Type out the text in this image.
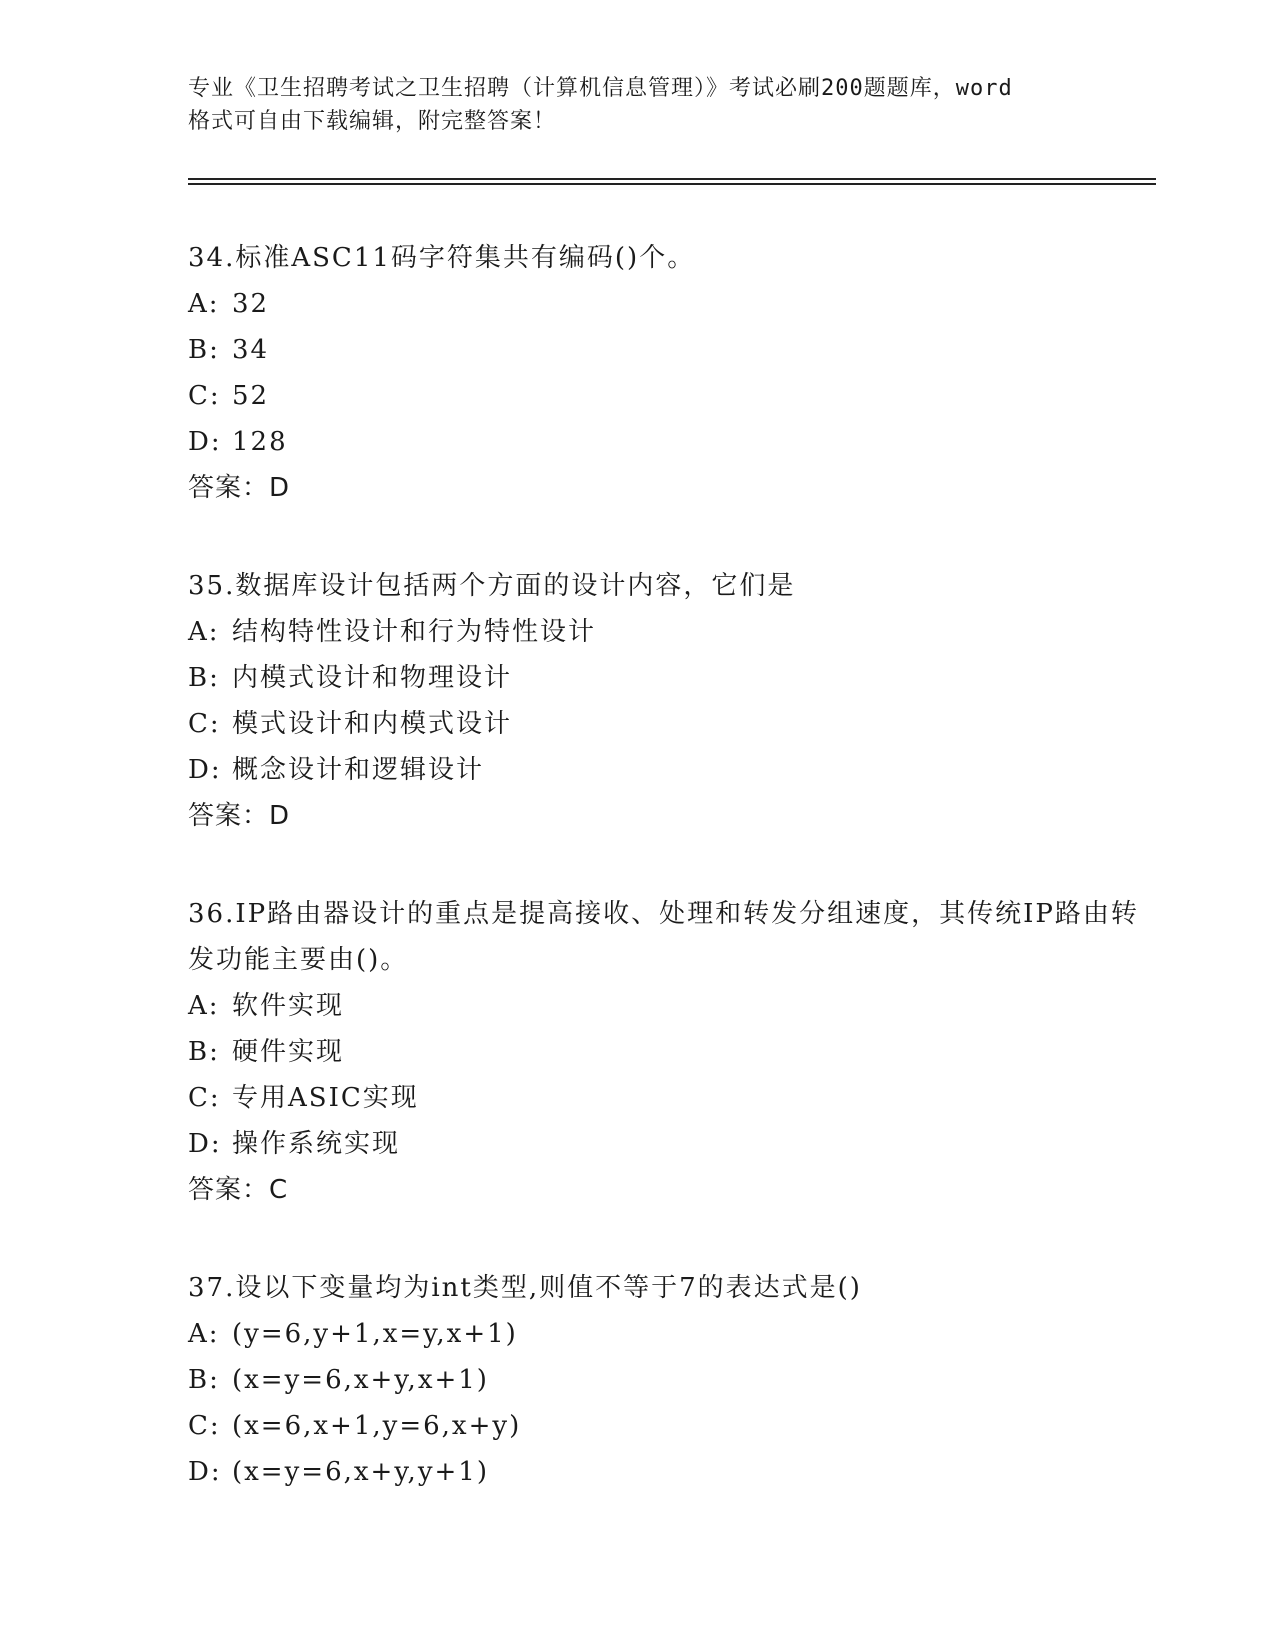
专业《卫生招聘考试之卫生招聘（计算机信息管理）》考试必刷200题题库，word
格式可自由下载编辑，附完整答案！
34.标准ASC11码字符集共有编码()个。
A: 32
B: 34
C: 52
D: 128
答案：D
35.数据库设计包括两个方面的设计内容，它们是
A: 结构特性设计和行为特性设计
B: 内模式设计和物理设计
C: 模式设计和内模式设计
D: 概念设计和逻辑设计
答案：D
36.IP路由器设计的重点是提高接收、处理和转发分组速度，其传统IP路由转发功能主要由()。
A: 软件实现
B: 硬件实现
C: 专用ASIC实现
D: 操作系统实现
答案：C
37.设以下变量均为int类型,则值不等于7的表达式是()
A: (y=6,y+1,x=y,x+1)
B: (x=y=6,x+y,x+1)
C: (x=6,x+1,y=6,x+y)
D: (x=y=6,x+y,y+1)
